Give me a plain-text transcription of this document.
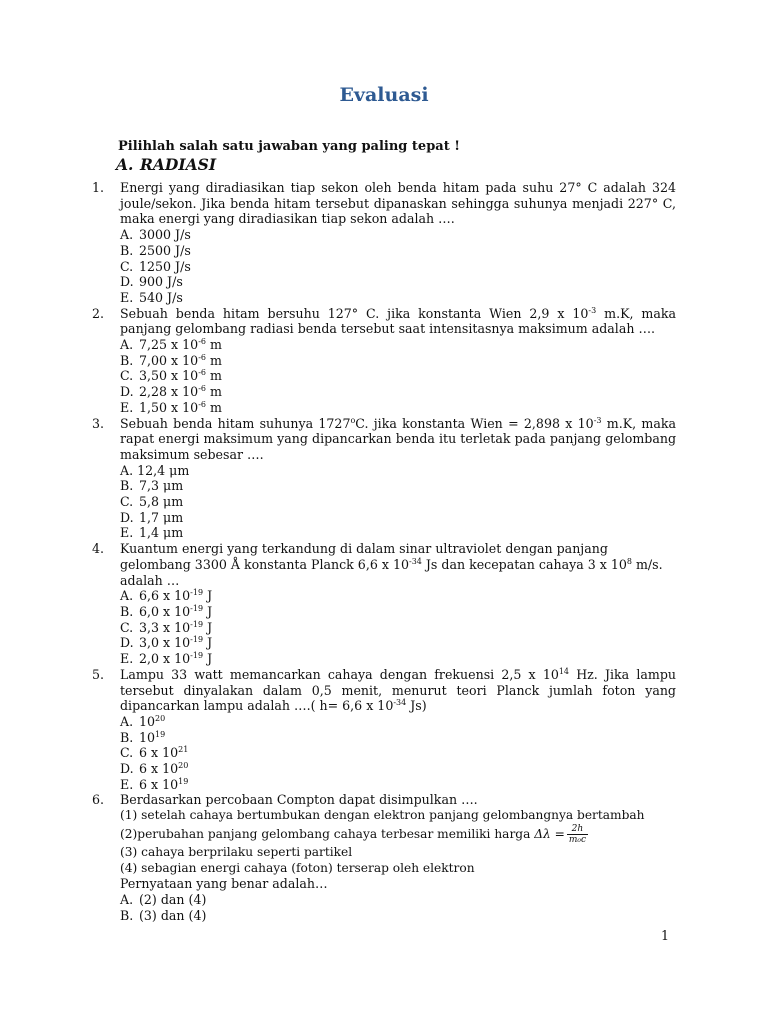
Evaluasi
Pilihlah salah satu jawaban yang paling tepat !
A. RADIASI
1. Energi yang diradiasikan tiap sekon oleh benda hitam pada suhu 27° C adalah 324 joule/sekon. Jika benda hitam tersebut dipanaskan sehingga suhunya menjadi 227° C, maka energi yang diradiasikan tiap sekon adalah ….
A. 3000 J/s
B. 2500 J/s
C. 1250 J/s
D. 900 J/s
E. 540 J/s
2. Sebuah benda hitam bersuhu 127° C. jika konstanta Wien 2,9 x $10^{-3}$ m.K, maka panjang gelombang radiasi benda tersebut saat intensitasnya maksimum adalah ….
A. 7,25 x $10^{-6}$ m
B. 7,00 x $10^{-6}$ m
C. 3,50 x $10^{-6}$ m
D. 2,28 x $10^{-6}$ m
E. 1,50 x $10^{-6}$ m
3. Sebuah benda hitam suhunya 1727$^o$C. jika konstanta Wien = 2,898 x $10^{-3}$ m.K, maka rapat energi maksimum yang dipancarkan benda itu terletak pada panjang gelombang maksimum sebesar ….
A. 12,4 μm
B. 7,3 μm
C. 5,8 μm
D. 1,7 μm
E. 1,4 μm
4. Kuantum energi yang terkandung di dalam sinar ultraviolet dengan panjang gelombang 3300 Å konstanta Planck 6,6 x $10^{-34}$ Js dan kecepatan cahaya 3 x $10^8$ m/s. adalah …
A. 6,6 x $10^{-19}$ J
B. 6,0 x $10^{-19}$ J
C. 3,3 x $10^{-19}$ J
D. 3,0 x $10^{-19}$ J
E. 2,0 x $10^{-19}$ J
5. Lampu 33 watt memancarkan cahaya dengan frekuensi 2,5 x $10^{14}$ Hz. Jika lampu tersebut dinyalakan dalam 0,5 menit, menurut teori Planck jumlah foton yang dipancarkan lampu adalah ….( h= 6,6 x $10^{-34}$ Js)
A. $10^{20}$
B. $10^{19}$
C. 6 x $10^{21}$
D. 6 x $10^{20}$
E. 6 x $10^{19}$
6. Berdasarkan percobaan Compton dapat disimpulkan ….
(1) setelah cahaya bertumbukan dengan elektron panjang gelombangnya bertambah
(2)perubahan panjang gelombang cahaya terbesar memiliki harga $\Delta\lambda = \frac{2h}{\text{m₀c}}$
(3) cahaya berprilaku seperti partikel
(4) sebagian energi cahaya (foton) terserap oleh elektron
Pernyataan yang benar adalah…
A. (2) dan (4)
B. (3) dan (4)
1
